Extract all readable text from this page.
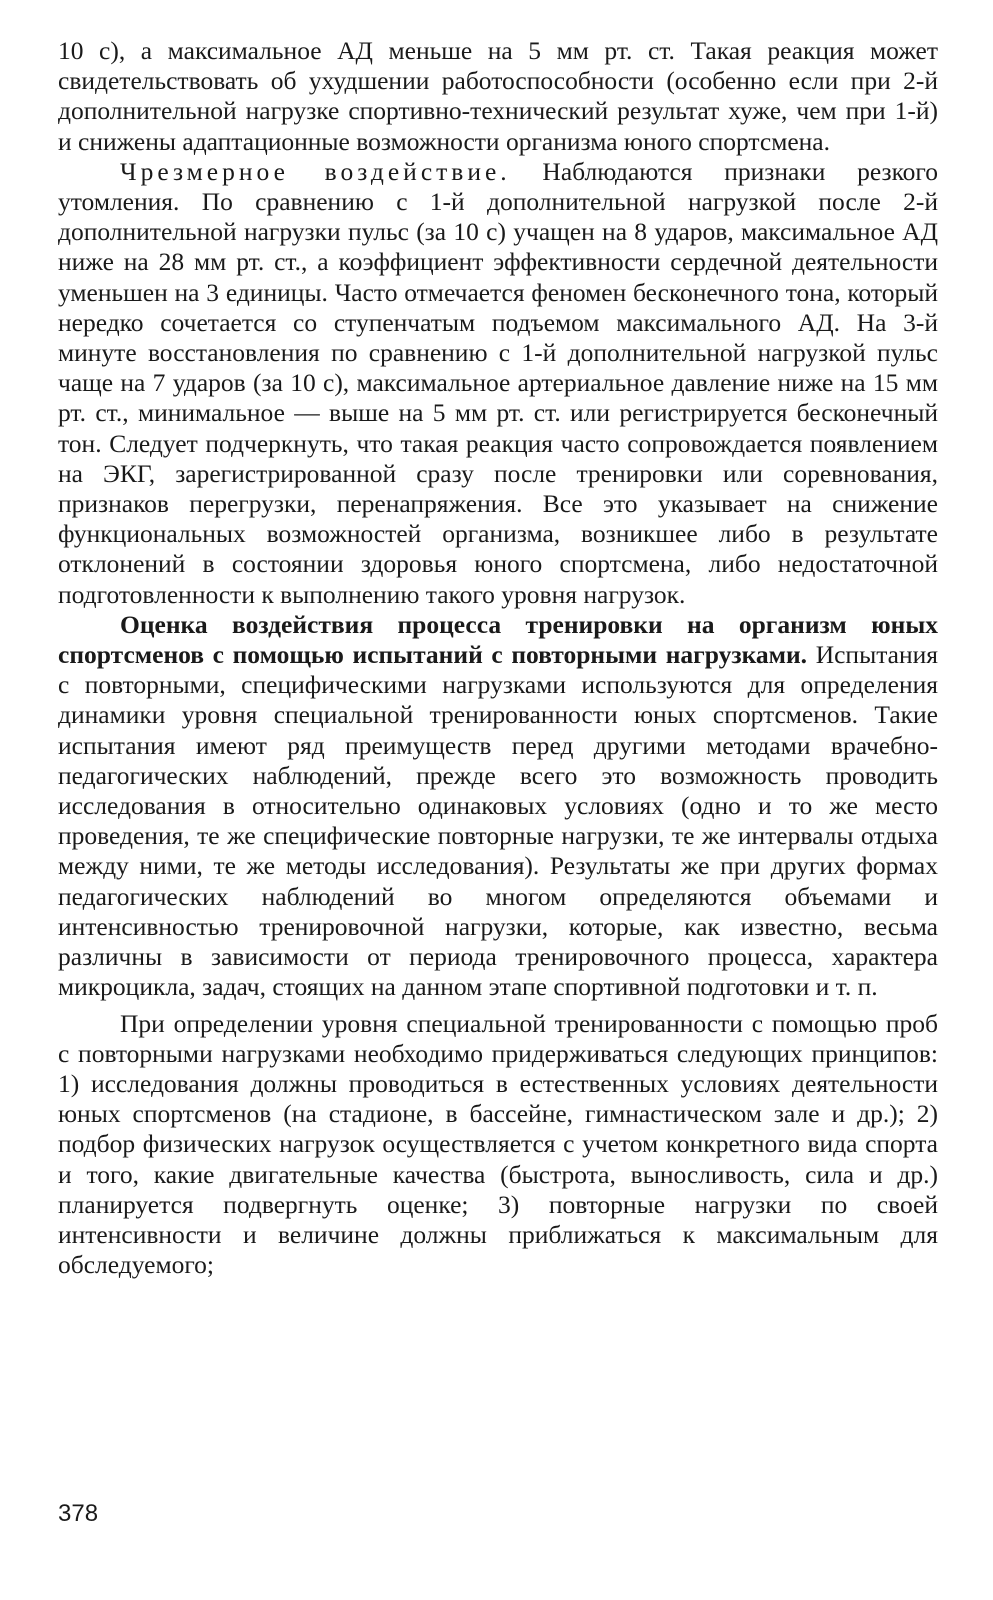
10 с), а максимальное АД меньше на 5 мм рт. ст. Такая реакция может свидетельствовать об ухудшении работоспособности (особенно если при 2-й дополнительной нагрузке спортивно-технический результат хуже, чем при 1-й) и снижены адаптационные возможности организма юного спортсмена.

Чрезмерное воздействие. Наблюдаются признаки резкого утомления. По сравнению с 1-й дополнительной нагрузкой после 2-й дополнительной нагрузки пульс (за 10 с) учащен на 8 ударов, максимальное АД ниже на 28 мм рт. ст., а коэффициент эффективности сердечной деятельности уменьшен на 3 единицы. Часто отмечается феномен бесконечного тона, который нередко сочетается со ступенчатым подъемом максимального АД. На 3-й минуте восстановления по сравнению с 1-й дополнительной нагрузкой пульс чаще на 7 ударов (за 10 с), максимальное артериальное давление ниже на 15 мм рт. ст., минимальное — выше на 5 мм рт. ст. или регистрируется бесконечный тон. Следует подчеркнуть, что такая реакция часто сопровождается появлением на ЭКГ, зарегистрированной сразу после тренировки или соревнования, признаков перегрузки, перенапряжения. Все это указывает на снижение функциональных возможностей организма, возникшее либо в результате отклонений в состоянии здоровья юного спортсмена, либо недостаточной подготовленности к выполнению такого уровня нагрузок.

Оценка воздействия процесса тренировки на организм юных спортсменов с помощью испытаний с повторными нагрузками. Испытания с повторными, специфическими нагрузками используются для определения динамики уровня специальной тренированности юных спортсменов. Такие испытания имеют ряд преимуществ перед другими методами врачебно-педагогических наблюдений, прежде всего это возможность проводить исследования в относительно одинаковых условиях (одно и то же место проведения, те же специфические повторные нагрузки, те же интервалы отдыха между ними, те же методы исследования). Результаты же при других формах педагогических наблюдений во многом определяются объемами и интенсивностью тренировочной нагрузки, которые, как известно, весьма различны в зависимости от периода тренировочного процесса, характера микроцикла, задач, стоящих на данном этапе спортивной подготовки и т. п.

При определении уровня специальной тренированности с помощью проб с повторными нагрузками необходимо придерживаться следующих принципов: 1) исследования должны проводиться в естественных условиях деятельности юных спортсменов (на стадионе, в бассейне, гимнастическом зале и др.); 2) подбор физических нагрузок осуществляется с учетом конкретного вида спорта и того, какие двигательные качества (быстрота, выносливость, сила и др.) планируется подвергнуть оценке; 3) повторные нагрузки по своей интенсивности и величине должны приближаться к максимальным для обследуемого;

378
